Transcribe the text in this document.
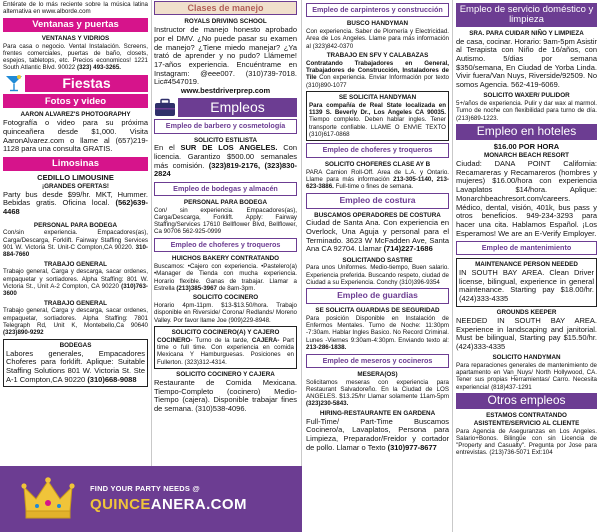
Entérate de lo más reciente sobre la música latina alternativa en www.alborde.com
Ventanas y puertas
VENTANAS Y VIDRIOS
Para casa o negocio. Vental Instalación. Screens, frentes comerciales, puertas de baño, closets, espejos, tabletops, etc. Precios economicos! 1221 South Atlantic Blvd. 90022 (323) 493-3265.
Fiestas
Fotos y video
AARON ALVAREZ'S PHOTOGRAPHY
Fotografía o video para su próxima quinceañera desde $1,000. Visita AaronAlvarez.com o llame al (657)219-1128 para una consulta GRATIS.
Limosinas
CEDILLO LIMOUSINE
¡GRANDES OFERTAS!
Party bus desde $99/hr. MKT, Hummer. Bebidas gratis. Oficina local. (562)639-4468
PERSONAL PARA BODEGA
Con/sin experiencia. Empacadores(as), Carga/Descarga, Forklift. Fairway Staffing Services 901 W. Victoria St. Unit-C Compton,CA 90220. 310-884-7660
TRABAJO GENERAL
Trabajo general, Carga y descarga, sacar ordenes, empaquetar y sortiadores. Alpha Staffing: 801 W. Victoria St., Unit A-2 Compton, CA 90220 (310)763-3600
TRABAJO GENERAL
Trabajo general, Carga y descarga, sacar ordenes, empaquetar, sortiadores. Alpha Staffing: 7801 Telegraph Rd, Unit K, Montebello,Ca 90640 (323)890-9292
BODEGAS
Labores generales, Empacadores Choferes para forklift. Aplique: Suitable Staffing Solutions 801 W. Victoria St. Ste A-1 Compton,CA 90220 (310)668-9088
Clases de manejo
ROYALS DRIVING SCHOOL
Instructor de manejo honesto aprobado por el DMV. ¿No puede pasar su examen de manejo? ¿Tiene miedo manejar? ¿Ya trató de aprender y no pudo? Llámeme! 17-años experiencia. Encuéntrame en Instagram: @eee007. (310)739-7018. Lic#4547019.
www.bestdriverprep.com
Empleos
Empleo de barbero y cosmetología
SOLICITO ESTILISTA
En el SUR DE LOS ANGELES. Con licencia. Garantizo $500.00 semanales más comisión. (323)819-2176, (323)830-2824
Empleo de bodegas y almacén
PERSONAL PARA BODEGA
Con/ sin experiencia. Empacadores(as), Carga/Descarga, Forklift. Apply: Fairway Staffing/Services 17610 Bellflower Blvd, Bellflower, Ca 90706 562-925-0999
Empleo de choferes y troqueros
HUICHOS BAKERY CONTRATANDO
Buscamos: •Cajero con experiencia. •Pastelero(a) •Manager de Tienda con mucha experiencia. Horario flexible. Ganas de trabajar. Llamar a Estrella (213)385-3967 de 8am-3pm.
SOLICITO COCINERO
Horario 4pm-11pm. $13-$13.50/hora. Trabajo disponible en Riverside/ Corona/ Redlands/ Moreno Valley. Por favor llame Joe (909)229-8948.
SOLICITO COCINERO(A) Y CAJERO
COCINERO- Turno de la tarde, CAJERA- Part time o full time. Con experiencia en comida Mexicana Y Hamburguesas. Posiciones en Fullerton. (323)312-4314.
SOLICITO COCINERO Y CAJERA
Restaurante de Comida Mexicana. Tiempo-Completo (cocinero) Medio-Tiempo (cajera). Disponible trabajar fines de semana. (310)538-4096.
Empleo de carpinteros y construcción
BUSCO HANDYMAN
Con experiencia. Saber de Plomería y Electricidad. Area de Los Angeles. Llame para más información al (323)842-0370
TRABAJO EN SFV Y CALABAZAS
Contratando Trabajadores en General, Trabajadores de Construcción, Instaladores de Tile Con experiencia. Enviar Información por texto (310)890-1077
SE SOLICITA HANDYMAN
Para compañía de Real State localizada en 1139 S. Beverly Dr., Los Angeles CA 90035. Tiempo completo. Deben hablar ingles. Tener transporte confiable. LLAME O ENVIE TEXTO (310)617-0868
Empleo de choferes y troqueros
SOLICITO CHOFERES CLASE AY B
PARA Camion Roll-Off. Area de L.A. y Ontario. Llame para más información 213-305-1140, 213-623-3886. Full-time o fines de semana.
Empleo de costura
BUSCAMOS OPERADORES DE COSTURA
Ciudad de Santa Ana. Con experiencia en Overlock, Una Aguja y personal para el Terminado. 3623 W McFadden Ave, Santa Ana CA 92704. Llamar (714)227-1686
SOLICITANDO SASTRE
Para unos Uniformes. Medio-tiempo, Buen salario. Experiencia preferida. Buscando respeto, ciudad de Ciudad a su Experiencia. Conchy (310)396-9354
Empleo de guardias
SE SOLICITA GUARDIAS DE SEGURIDAD
Para posición Disponible en Instalación de Enfermos Mentales. Turno de Noche: 11:30pm -7:30am. Hablar Ingles Basico. No Record Criminal. Lunes -Viernes 9:30am-4:30pm. Enviando texto al: 213-286-1838.
Empleo de meseros y cocineros
MESERA(OS)
Solicitamos meseras con experiencia para Restaurant Salvadoreño. En la Ciudad de LOS ANGELES. $13.25/hr Llamar solamente 11am-5pm (323)230-5843.
HIRING-RESTAURANTE EN GARDENA
Full-Time/ Part-Time Buscamos Cocinero/a, Lavaplatos, Persona para Limpieza, Preparador/Freidor y cortador de pollo. Llamar o Texto (310)977-8677
Empleo de servicio doméstico y limpieza
SRA. PARA CUIDAR NIÑO Y LIMPIEZA
de casa, cocinar. Horario: 9am-5pm Asistir al Terapista con Niño de 16/años, con Autismo. 5/dias por semana $350/semana, En Ciudad de Yorba Linda. Vivir fuera/Van Nuys, Riverside/92509. No somos Agencia. 562-419-6069.
SOLICITO WAXER/ PULIDOR
5+/años de experiencia. Pulir y dar wax al marmol. Turno de noche con flexibilidad para turno de día. (213)689-1223.
Empleo en hoteles
$16.00 POR HORA
MONARCH BEACH RESORT
Ciudad: DANA POINT California: Recamareras y Recamareros (hombres y mujeres) $16.00/hora con experiencia Lavaplatos $14/hora. Aplique: Monarchbeachresort.com/careers. Médico, dental, visión, 401k, bus pass y otros beneficios. 949-234-3293 para hacer una cita. Hablamos Español. ¡Los Esperamos! We are an E-Verify Employer.
Empleo de mantenimiento
MAINTENANCE PERSON NEEDED
IN SOUTH BAY AREA. Clean Driver license, bilingual, experience in general maintenance. Starting pay $18.00/hr. (424)333-4335
GROUNDS KEEPER
NEEDED IN SOUTH BAY AREA. Experience in landscaping and janitorial. Must be bilingual, Starting pay $15.50/hr. (424)333-4335
SOLICITO HANDYMAN
Para reparaciones generales de mantenimiento de apartamento en Van_Nuys/ North Hollywood, CA. Tener sus propias Herramientas/ Carro. Necesita experiencia! (818)437-1291
Otros empleos
ESTAMOS CONTRATANDO
ASISTENTE/SERVICIO AL CLIENTE
Para Agencia de Aseguranzas en Los Angeles. Salario+Bonos. Bilingüe con sin Licencia de "Property and Casualty". Pregunta por Jose para entrevistas. (213)736-5071 Ext:104
FIND YOUR PARTY NEEDS @
QUINCEANERA.COM
